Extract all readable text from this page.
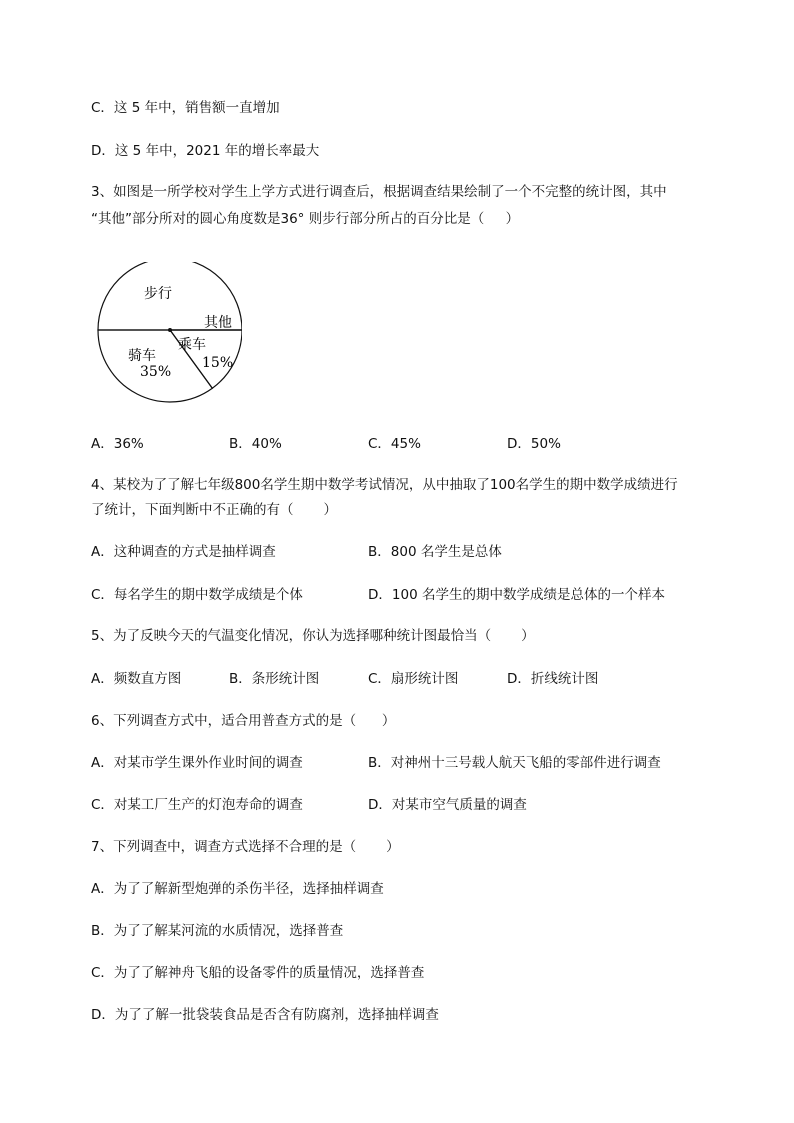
C．这 5 年中，销售额一直增加
D．这 5 年中，2021 年的增长率最大
3、如图是一所学校对学生上学方式进行调查后，根据调查结果绘制了一个不完整的统计图，其中
“其他”部分所对的圆心角度数是36° 则步行部分所占的百分比是（     ）
步行
其他
乘车
15%
骑车
35%
A．36%	B．40%	C．45%	D．50%
4、某校为了了解七年级800名学生期中数学考试情况，从中抽取了100名学生的期中数学成绩进行
了统计，下面判断中不正确的有（       ）
A．这种调查的方式是抽样调查	B．800 名学生是总体
C．每名学生的期中数学成绩是个体	D．100 名学生的期中数学成绩是总体的一个样本
5、为了反映今天的气温变化情况，你认为选择哪种统计图最恰当（       ）
A．频数直方图	B．条形统计图	C．扇形统计图	D．折线统计图
6、下列调查方式中，适合用普查方式的是（      ）
A．对某市学生课外作业时间的调查	B．对神州十三号载人航天飞船的零部件进行调查
C．对某工厂生产的灯泡寿命的调查	D．对某市空气质量的调查
7、下列调查中，调查方式选择不合理的是（       ）
A．为了了解新型炮弹的杀伤半径，选择抽样调查
B．为了了解某河流的水质情况，选择普查
C．为了了解神舟飞船的设备零件的质量情况，选择普查
D．为了了解一批袋装食品是否含有防腐剂，选择抽样调查
